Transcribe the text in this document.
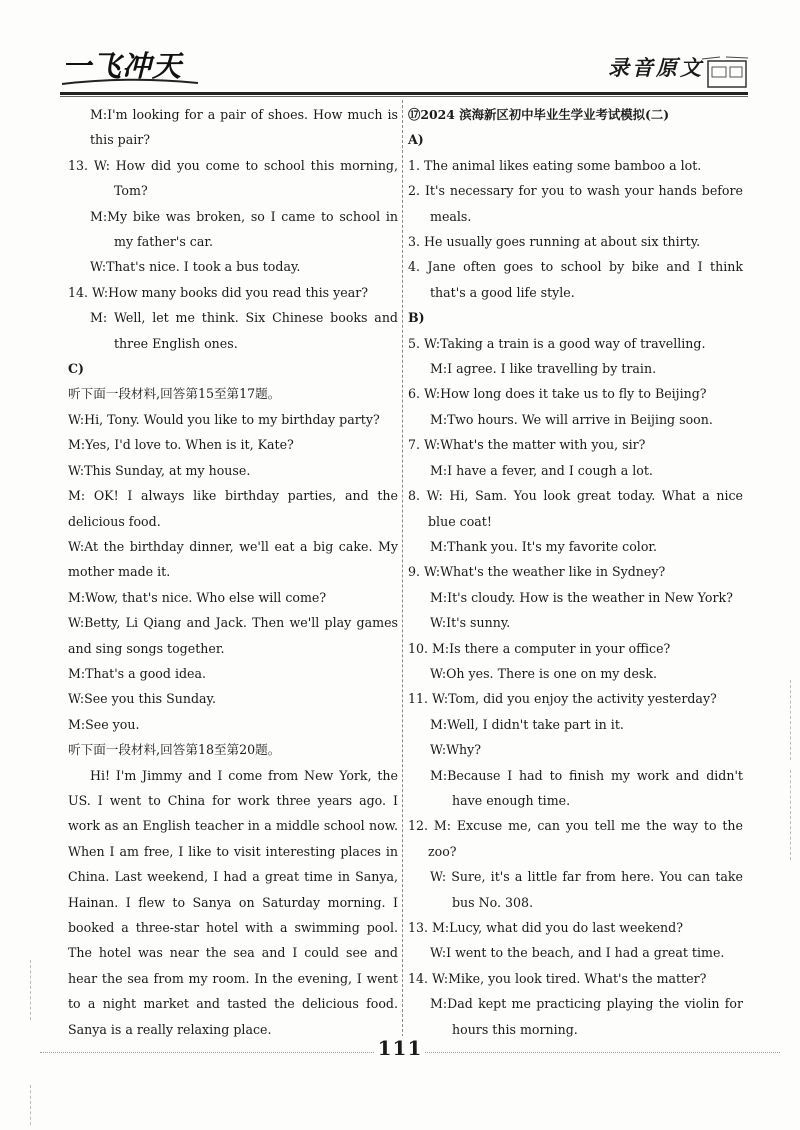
一飞冲天	录音原文

M:I'm looking for a pair of shoes. How much is this pair?

13. W: How did you come to school this morning, Tom?

M:My bike was broken, so I came to school in my father's car.

W:That's nice. I took a bus today.

14. W:How many books did you read this year?

M: Well, let me think. Six Chinese books and three English ones.

C)

听下面一段材料,回答第15至第17题。

W:Hi, Tony. Would you like to my birthday party?

M:Yes, I'd love to. When is it, Kate?

W:This Sunday, at my house.

M: OK! I always like birthday parties, and the delicious food.

W:At the birthday dinner, we'll eat a big cake. My mother made it.

M:Wow, that's nice. Who else will come?

W:Betty, Li Qiang and Jack. Then we'll play games and sing songs together.

M:That's a good idea.

W:See you this Sunday.

M:See you.

听下面一段材料,回答第18至第20题。

Hi! I'm Jimmy and I come from New York, the US. I went to China for work three years ago. I work as an English teacher in a middle school now. When I am free, I like to visit interesting places in China. Last weekend, I had a great time in Sanya, Hainan. I flew to Sanya on Saturday morning. I booked a three-star hotel with a swimming pool. The hotel was near the sea and I could see and hear the sea from my room. In the evening, I went to a night market and tasted the delicious food. Sanya is a really relaxing place.

⑰2024 滨海新区初中毕业生学业考试模拟(二)

A)

1. The animal likes eating some bamboo a lot.

2. It's necessary for you to wash your hands before meals.

3. He usually goes running at about six thirty.

4. Jane often goes to school by bike and I think that's a good life style.

B)

5. W:Taking a train is a good way of travelling.

M:I agree. I like travelling by train.

6. W:How long does it take us to fly to Beijing?

M:Two hours. We will arrive in Beijing soon.

7. W:What's the matter with you, sir?

M:I have a fever, and I cough a lot.

8. W: Hi, Sam. You look great today. What a nice blue coat!

M:Thank you. It's my favorite color.

9. W:What's the weather like in Sydney?

M:It's cloudy. How is the weather in New York?

W:It's sunny.

10. M:Is there a computer in your office?

W:Oh yes. There is one on my desk.

11. W:Tom, did you enjoy the activity yesterday?

M:Well, I didn't take part in it.

W:Why?

M:Because I had to finish my work and didn't have enough time.

12. M: Excuse me, can you tell me the way to the zoo?

W: Sure, it's a little far from here. You can take bus No. 308.

13. M:Lucy, what did you do last weekend?

W:I went to the beach, and I had a great time.

14. W:Mike, you look tired. What's the matter?

M:Dad kept me practicing playing the violin for hours this morning.

111
